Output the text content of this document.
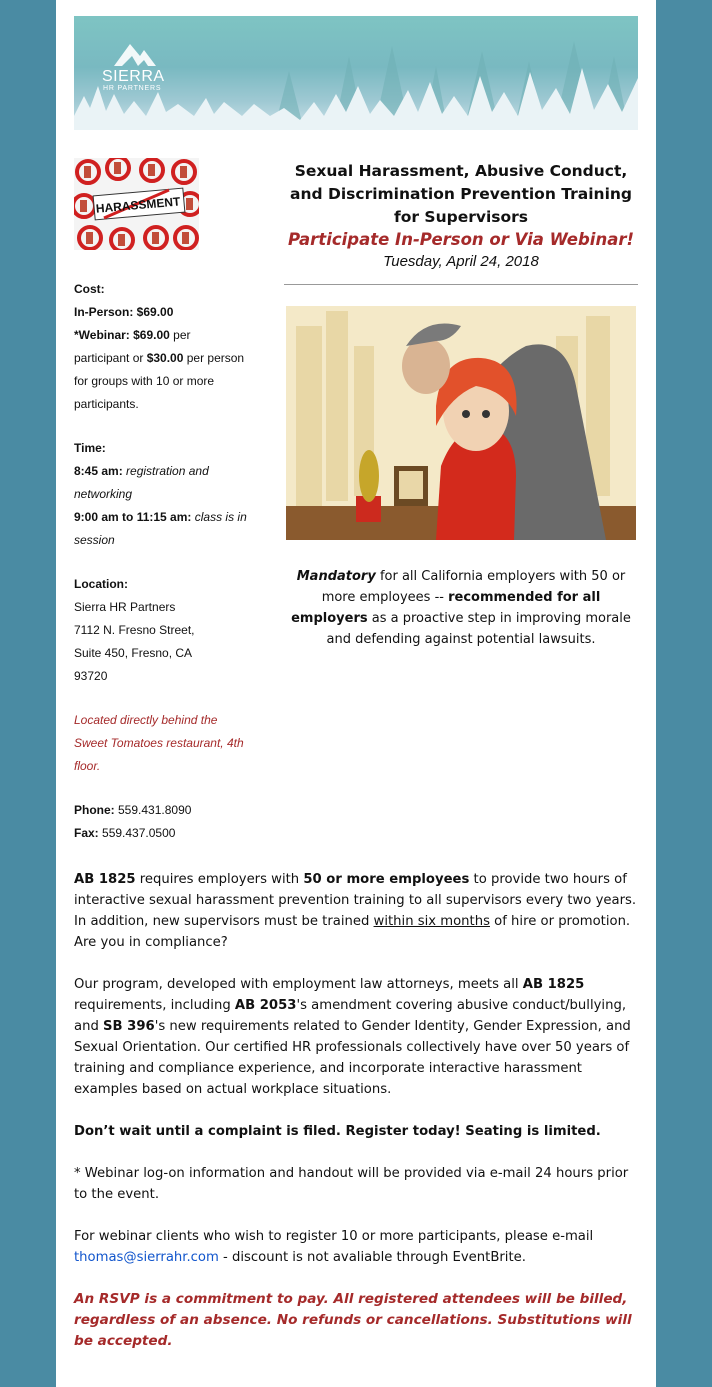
SIERRA
HR PARTNERS
HARASSMENT
Cost:
In-Person: $69.00
*Webinar: $69.00 per participant or $30.00 per person for groups with 10 or more participants.
Time:
8:45 am: registration and networking
9:00 am to 11:15 am: class is in session
Location:
Sierra HR Partners
7112 N. Fresno Street,
Suite 450, Fresno, CA
93720
Located directly behind the Sweet Tomatoes restaurant, 4th floor.
Phone: 559.431.8090
Fax: 559.437.0500
Sexual Harassment, Abusive Conduct, and Discrimination Prevention Training for Supervisors
Participate In-Person or Via Webinar!
Tuesday, April 24, 2018
Mandatory for all California employers with 50 or more employees -- recommended for all employers as a proactive step in improving morale and defending against potential lawsuits.

AB 1825 requires employers with 50 or more employees to provide two hours of interactive sexual harassment prevention training to all supervisors every two years. In addition, new supervisors must be trained within six months of hire or promotion. Are you in compliance?

Our program, developed with employment law attorneys, meets all AB 1825 requirements, including AB 2053's amendment covering abusive conduct/bullying, and SB 396's new requirements related to Gender Identity, Gender Expression, and Sexual Orientation. Our certified HR professionals collectively have over 50 years of training and compliance experience, and incorporate interactive harassment examples based on actual workplace situations.

Don’t wait until a complaint is filed. Register today! Seating is limited.

* Webinar log-on information and handout will be provided via e-mail 24 hours prior to the event.

For webinar clients who wish to register 10 or more participants, please e-mail thomas@sierrahr.com - discount is not avaliable through EventBrite.

An RSVP is a commitment to pay. All registered attendees will be billed, regardless of an absence. No refunds or cancellations. Substitutions will be accepted.
